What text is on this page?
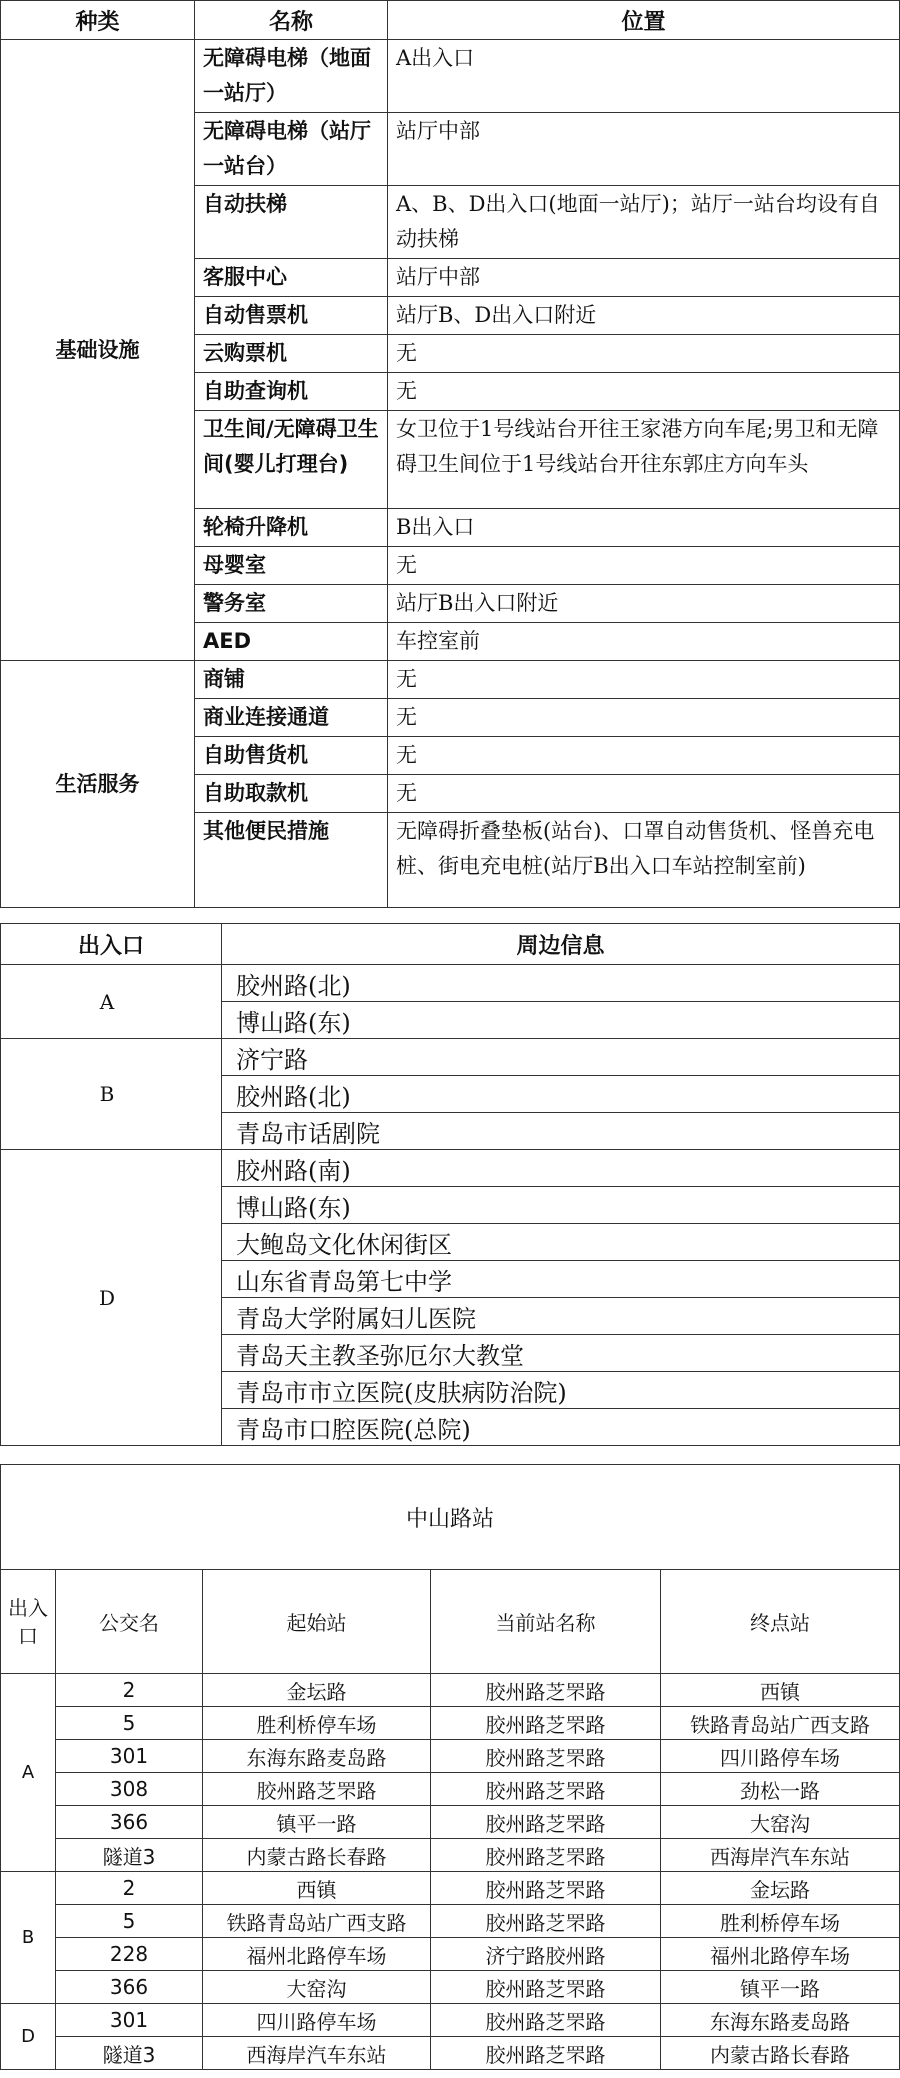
种类	名称	位置
基础设施	无障碍电梯（地面一站厅）	A出入口
	无障碍电梯（站厅一站台）	站厅中部
	自动扶梯	A、B、D出入口(地面一站厅)；站厅一站台均设有自动扶梯
	客服中心	站厅中部
	自动售票机	站厅B、D出入口附近
	云购票机	无
	自助查询机	无
	卫生间/无障碍卫生间(婴儿打理台)	女卫位于1号线站台开往王家港方向车尾;男卫和无障碍卫生间位于1号线站台开往东郭庄方向车头
	轮椅升降机	B出入口
	母婴室	无
	警务室	站厅B出入口附近
	AED	车控室前
生活服务	商铺	无
	商业连接通道	无
	自助售货机	无
	自助取款机	无
	其他便民措施	无障碍折叠垫板(站台)、口罩自动售货机、怪兽充电桩、街电充电桩(站厅B出入口车站控制室前)
出入口	周边信息
A	胶州路(北)
	博山路(东)
B	济宁路
	胶州路(北)
	青岛市话剧院
D	胶州路(南)
	博山路(东)
	大鲍岛文化休闲街区
	山东省青岛第七中学
	青岛大学附属妇儿医院
	青岛天主教圣弥厄尔大教堂
	青岛市市立医院(皮肤病防治院)
	青岛市口腔医院(总院)
中山路站				
出入口	公交名	起始站	当前站名称	终点站
A	2	金坛路	胶州路芝罘路	西镇
	5	胜利桥停车场	胶州路芝罘路	铁路青岛站广西支路
	301	东海东路麦岛路	胶州路芝罘路	四川路停车场
	308	胶州路芝罘路	胶州路芝罘路	劲松一路
	366	镇平一路	胶州路芝罘路	大窑沟
	隧道3	内蒙古路长春路	胶州路芝罘路	西海岸汽车东站
B	2	西镇	胶州路芝罘路	金坛路
	5	铁路青岛站广西支路	胶州路芝罘路	胜利桥停车场
	228	福州北路停车场	济宁路胶州路	福州北路停车场
	366	大窑沟	胶州路芝罘路	镇平一路
D	301	四川路停车场	胶州路芝罘路	东海东路麦岛路
	隧道3	西海岸汽车东站	胶州路芝罘路	内蒙古路长春路
